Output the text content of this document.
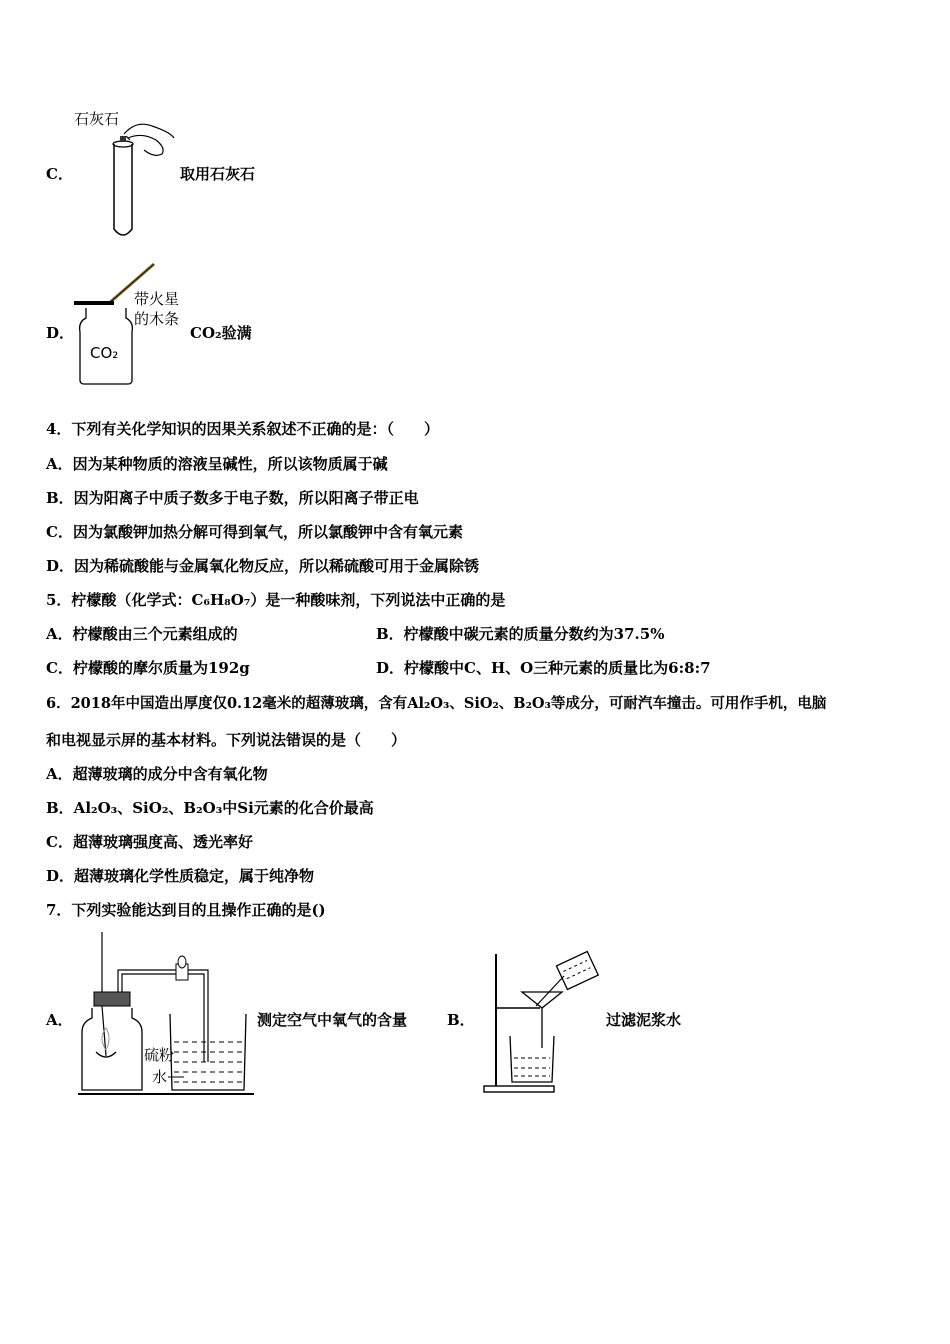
C．
石灰石
取用石灰石
D．
CO₂
带火星
的木条
CO₂验满
4．下列有关化学知识的因果关系叙述不正确的是：（　　）
A．因为某种物质的溶液呈碱性，所以该物质属于碱
B．因为阳离子中质子数多于电子数，所以阳离子带正电
C．因为氯酸钾加热分解可得到氧气，所以氯酸钾中含有氧元素
D．因为稀硫酸能与金属氧化物反应，所以稀硫酸可用于金属除锈
5．柠檬酸（化学式：C₆H₈O₇）是一种酸味剂，下列说法中正确的是
A．柠檬酸由三个元素组成的	B．柠檬酸中碳元素的质量分数约为37.5%
C．柠檬酸的摩尔质量为192g	D．柠檬酸中C、H、O三种元素的质量比为6:8:7
6．2018年中国造出厚度仅0.12毫米的超薄玻璃，含有Al₂O₃、SiO₂、B₂O₃等成分，可耐汽车撞击。可用作手机，电脑
和电视显示屏的基本材料。下列说法错误的是（　　）
A．超薄玻璃的成分中含有氧化物
B．Al₂O₃、SiO₂、B₂O₃中Si元素的化合价最高
C．超薄玻璃强度高、透光率好
D．超薄玻璃化学性质稳定，属于纯净物
7．下列实验能达到目的且操作正确的是()
A．
硫粉
水
测定空气中氧气的含量	B．	过滤泥浆水
